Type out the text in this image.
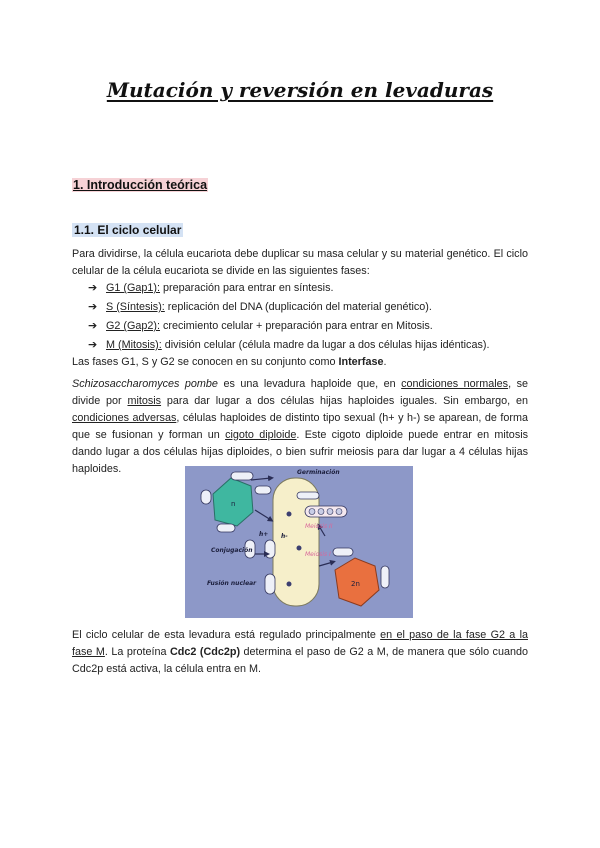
Mutación y reversión en levaduras
1. Introducción teórica
1.1. El ciclo celular
Para dividirse, la célula eucariota debe duplicar su masa celular y su material genético. El ciclo celular de la célula eucariota se divide en las siguientes fases:
➔ G1 (Gap1): preparación para entrar en síntesis.
➔ S (Síntesis): replicación del DNA (duplicación del material genético).
➔ G2 (Gap2): crecimiento celular + preparación para entrar en Mitosis.
➔ M (Mitosis): división celular (célula madre da lugar a dos células hijas idénticas).
Las fases G1, S y G2 se conocen en su conjunto como Interfase.
Schizosaccharomyces pombe es una levadura haploide que, en condiciones normales, se divide por mitosis para dar lugar a dos células hijas haploides iguales. Sin embargo, en condiciones adversas, células haploides de distinto tipo sexual (h+ y h-) se aparean, de forma que se fusionan y forman un cigoto diploide. Este cigoto diploide puede entrar en mitosis dando lugar a dos células hijas diploides, o bien sufrir meiosis para dar lugar a 4 células hijas haploides.
n
2n
Germinación
Conjugación
Fusión nuclear
Meiosis II
Meiosis I
h+ h-
El ciclo celular de esta levadura está regulado principalmente en el paso de la fase G2 a la fase M. La proteína Cdc2 (Cdc2p) determina el paso de G2 a M, de manera que sólo cuando Cdc2p está activa, la célula entra en M.
